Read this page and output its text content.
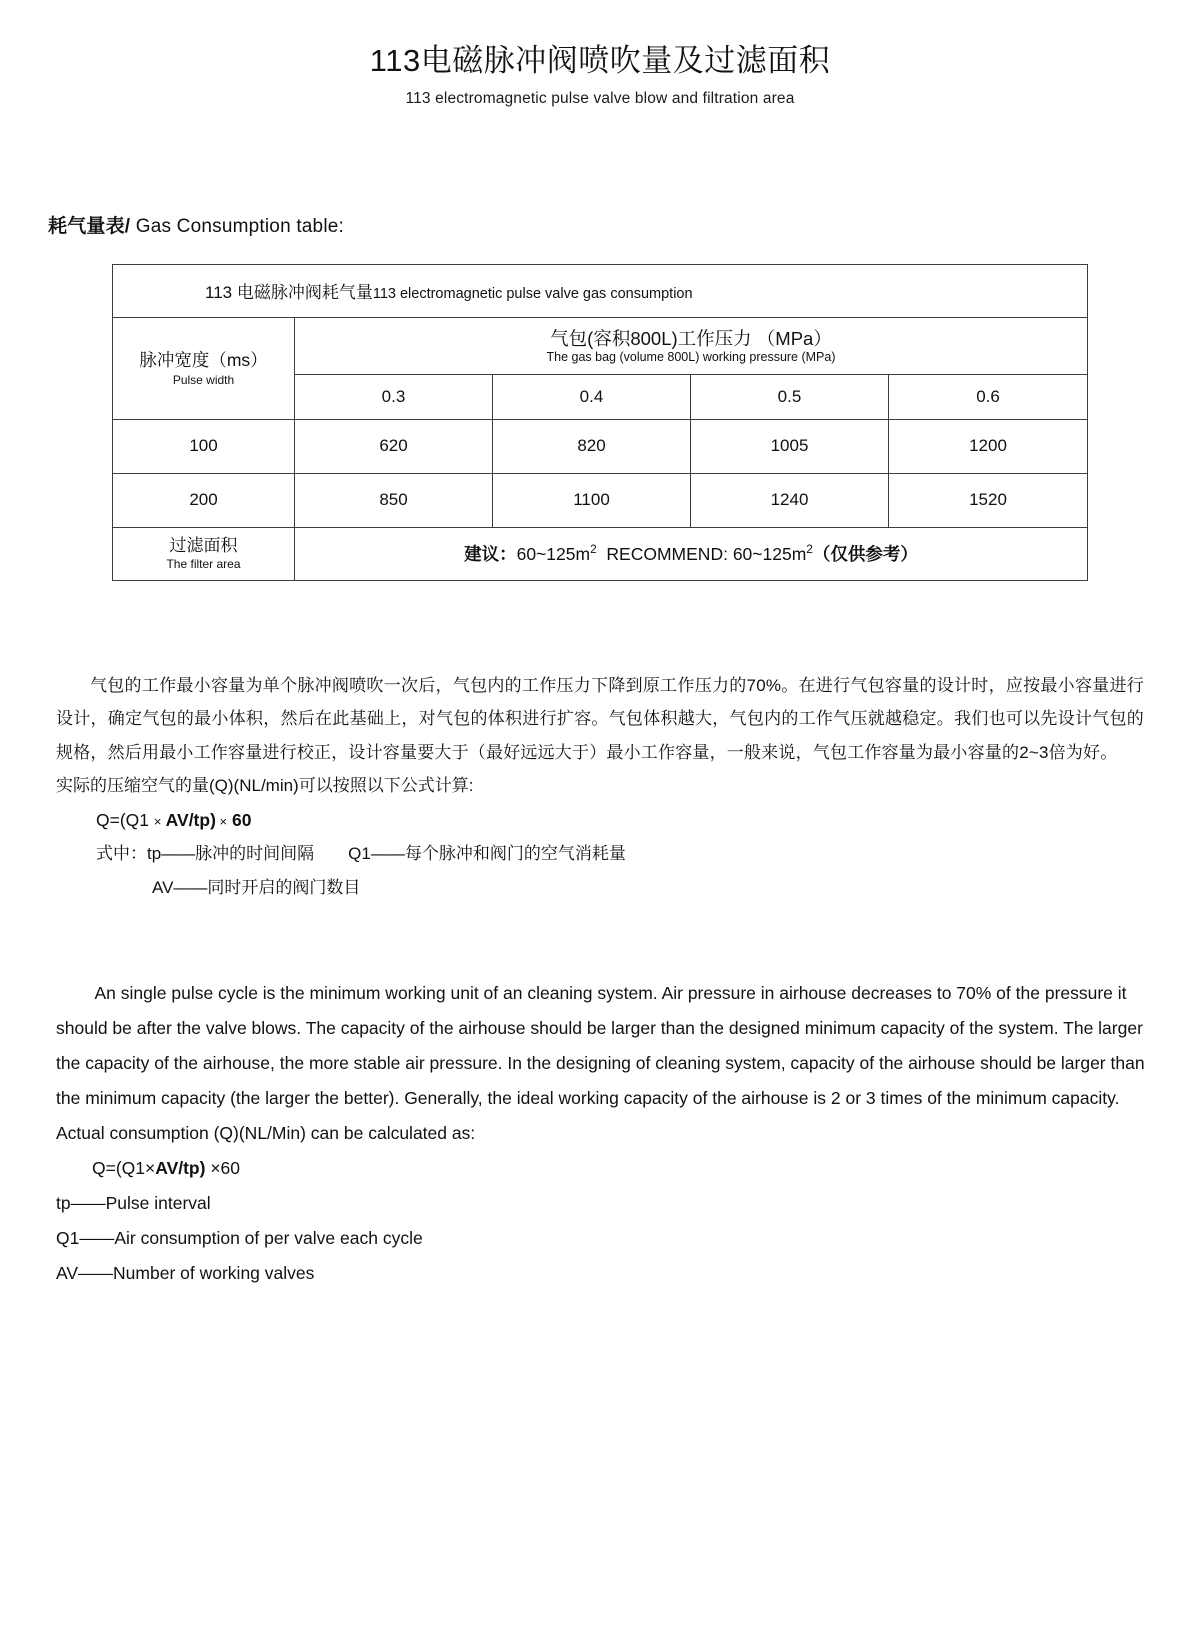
113电磁脉冲阀喷吹量及过滤面积
113 electromagnetic pulse valve blow and filtration area
耗气量表/ Gas Consumption table:
113 电磁脉冲阀耗气量113 electromagnetic pulse valve gas consumption				

脉冲宽度（ms）
Pulse width	气包(容积800L)工作压力 （MPa）
The gas bag (volume 800L) working pressure (MPa)			

	0.3	0.4	0.5	0.6
100	620	820	1005	1200
200	850	1100	1240	1520

过滤面积
The filter area	建议：$60\sim 125m^2$ RECOMMEND: $60\sim 125m^2$（仅供参考）			

气包的工作最小容量为单个脉冲阀喷吹一次后，气包内的工作压力下降到原工作压力的70%。在进行气包容量的设计时，应按最小容量进行设计，确定气包的最小体积，然后在此基础上，对气包的体积进行扩容。气包体积越大，气包内的工作气压就越稳定。我们也可以先设计气包的规格，然后用最小工作容量进行校正，设计容量要大于（最好远远大于）最小工作容量，一般来说，气包工作容量为最小容量的2~3倍为好。

实际的压缩空气的量(Q)(NL/min)可以按照以下公式计算:
Q=(Q1 × AV/tp) × 60
式中：tp——脉冲的时间间隔　　Q1——每个脉冲和阀门的空气消耗量
AV——同时开启的阀门数目

An single pulse cycle is the minimum working unit of an cleaning system. Air pressure in airhouse decreases to 70% of the pressure it should be after the valve blows. The capacity of the airhouse should be larger than the designed minimum capacity of the system. The larger the capacity of the airhouse, the more stable air pressure. In the designing of cleaning system, capacity of the airhouse should be larger than the minimum capacity (the larger the better). Generally, the ideal working capacity of the airhouse is 2 or 3 times of the minimum capacity.

Actual consumption (Q)(NL/Min) can be calculated as:
Q=(Q1×AV/tp) ×60
tp——Pulse interval
Q1——Air consumption of per valve each cycle
AV——Number of working valves
